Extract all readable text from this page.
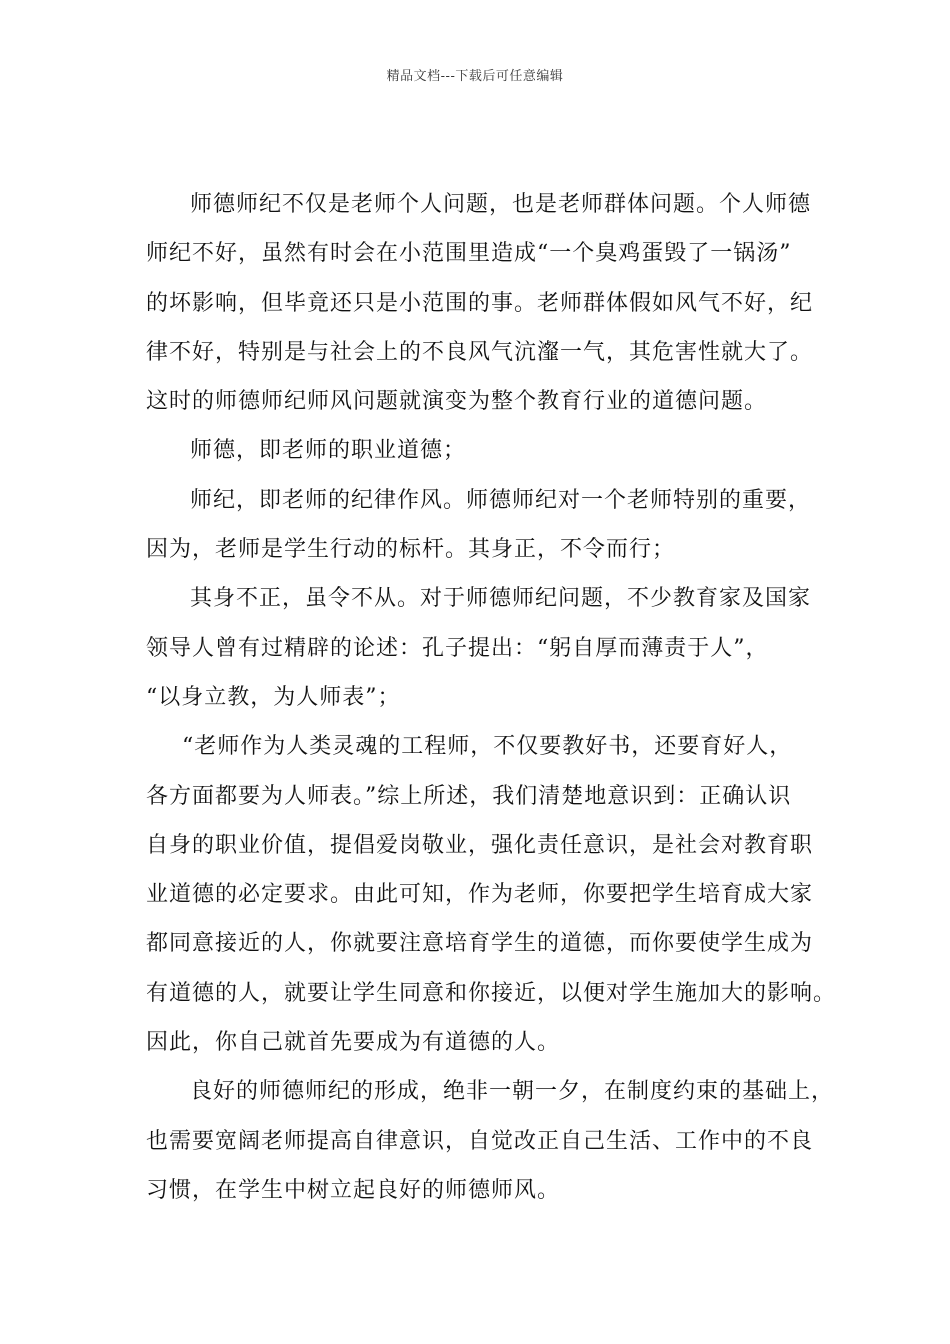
精品文档---下载后可任意编辑
师德师纪不仅是老师个人问题，也是老师群体问题。个人师德
师纪不好，虽然有时会在小范围里造成“一个臭鸡蛋毁了一锅汤”
的坏影响，但毕竟还只是小范围的事。老师群体假如风气不好，纪
律不好，特别是与社会上的不良风气沆瀣一气，其危害性就大了。
这时的师德师纪师风问题就演变为整个教育行业的道德问题。
师德，即老师的职业道德；
师纪，即老师的纪律作风。师德师纪对一个老师特别的重要，
因为，老师是学生行动的标杆。其身正，不令而行；
其身不正，虽令不从。对于师德师纪问题，不少教育家及国家
领导人曾有过精辟的论述：孔子提出：“躬自厚而薄责于人”，
“以身立教，为人师表”；
“老师作为人类灵魂的工程师，不仅要教好书，还要育好人，
各方面都要为人师表。”综上所述，我们清楚地意识到：正确认识
自身的职业价值，提倡爱岗敬业，强化责任意识，是社会对教育职
业道德的必定要求。由此可知，作为老师，你要把学生培育成大家
都同意接近的人，你就要注意培育学生的道德，而你要使学生成为
有道德的人，就要让学生同意和你接近，以便对学生施加大的影响。
因此，你自己就首先要成为有道德的人。
良好的师德师纪的形成，绝非一朝一夕，在制度约束的基础上，
也需要宽阔老师提高自律意识，自觉改正自己生活、工作中的不良
习惯，在学生中树立起良好的师德师风。
